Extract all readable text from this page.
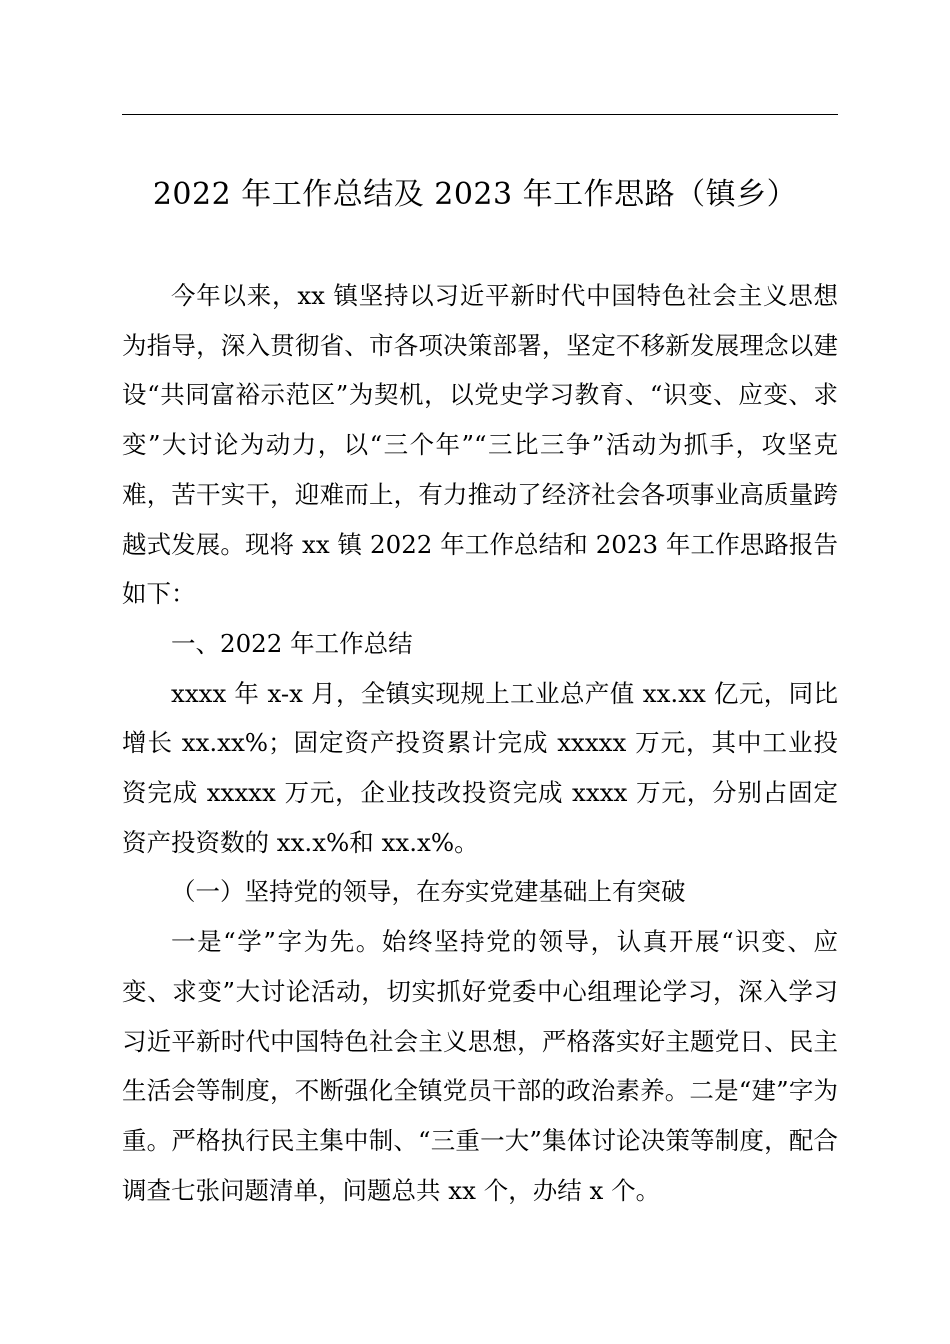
2022 年工作总结及 2023 年工作思路（镇乡）

今年以来，xx 镇坚持以习近平新时代中国特色社会主义思想为指导，深入贯彻省、市各项决策部署，坚定不移新发展理念以建设“共同富裕示范区”为契机，以党史学习教育、“识变、应变、求变”大讨论为动力，以“三个年”“三比三争”活动为抓手，攻坚克难，苦干实干，迎难而上，有力推动了经济社会各项事业高质量跨越式发展。现将 xx 镇 2022 年工作总结和 2023 年工作思路报告如下：

一、2022 年工作总结

xxxx 年 x-x 月，全镇实现规上工业总产值 xx.xx 亿元，同比增长 xx.xx%；固定资产投资累计完成 xxxxx 万元，其中工业投资完成 xxxxx 万元，企业技改投资完成 xxxx 万元，分别占固定资产投资数的 xx.x%和 xx.x%。

（一）坚持党的领导，在夯实党建基础上有突破

一是“学”字为先。始终坚持党的领导，认真开展“识变、应变、求变”大讨论活动，切实抓好党委中心组理论学习，深入学习习近平新时代中国特色社会主义思想，严格落实好主题党日、民主生活会等制度，不断强化全镇党员干部的政治素养。二是“建”字为重。严格执行民主集中制、“三重一大”集体讨论决策等制度，配合调查七张问题清单，问题总共 xx 个，办结 x 个。
